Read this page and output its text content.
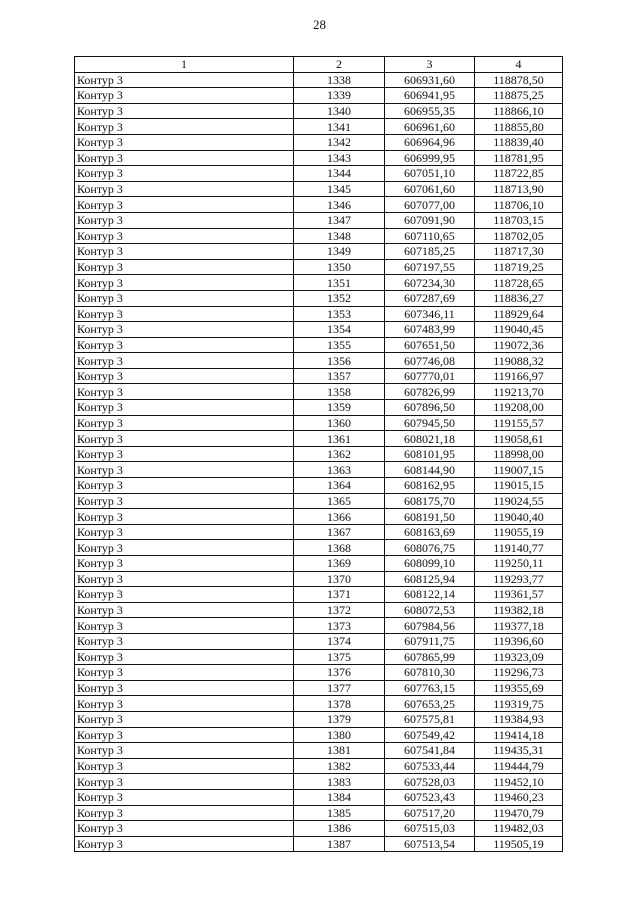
28
1	2	3	4
Контур 3	1338	606931,60	118878,50
Контур 3	1339	606941,95	118875,25
Контур 3	1340	606955,35	118866,10
Контур 3	1341	606961,60	118855,80
Контур 3	1342	606964,96	118839,40
Контур 3	1343	606999,95	118781,95
Контур 3	1344	607051,10	118722,85
Контур 3	1345	607061,60	118713,90
Контур 3	1346	607077,00	118706,10
Контур 3	1347	607091,90	118703,15
Контур 3	1348	607110,65	118702,05
Контур 3	1349	607185,25	118717,30
Контур 3	1350	607197,55	118719,25
Контур 3	1351	607234,30	118728,65
Контур 3	1352	607287,69	118836,27
Контур 3	1353	607346,11	118929,64
Контур 3	1354	607483,99	119040,45
Контур 3	1355	607651,50	119072,36
Контур 3	1356	607746,08	119088,32
Контур 3	1357	607770,01	119166,97
Контур 3	1358	607826,99	119213,70
Контур 3	1359	607896,50	119208,00
Контур 3	1360	607945,50	119155,57
Контур 3	1361	608021,18	119058,61
Контур 3	1362	608101,95	118998,00
Контур 3	1363	608144,90	119007,15
Контур 3	1364	608162,95	119015,15
Контур 3	1365	608175,70	119024,55
Контур 3	1366	608191,50	119040,40
Контур 3	1367	608163,69	119055,19
Контур 3	1368	608076,75	119140,77
Контур 3	1369	608099,10	119250,11
Контур 3	1370	608125,94	119293,77
Контур 3	1371	608122,14	119361,57
Контур 3	1372	608072,53	119382,18
Контур 3	1373	607984,56	119377,18
Контур 3	1374	607911,75	119396,60
Контур 3	1375	607865,99	119323,09
Контур 3	1376	607810,30	119296,73
Контур 3	1377	607763,15	119355,69
Контур 3	1378	607653,25	119319,75
Контур 3	1379	607575,81	119384,93
Контур 3	1380	607549,42	119414,18
Контур 3	1381	607541,84	119435,31
Контур 3	1382	607533,44	119444,79
Контур 3	1383	607528,03	119452,10
Контур 3	1384	607523,43	119460,23
Контур 3	1385	607517,20	119470,79
Контур 3	1386	607515,03	119482,03
Контур 3	1387	607513,54	119505,19
